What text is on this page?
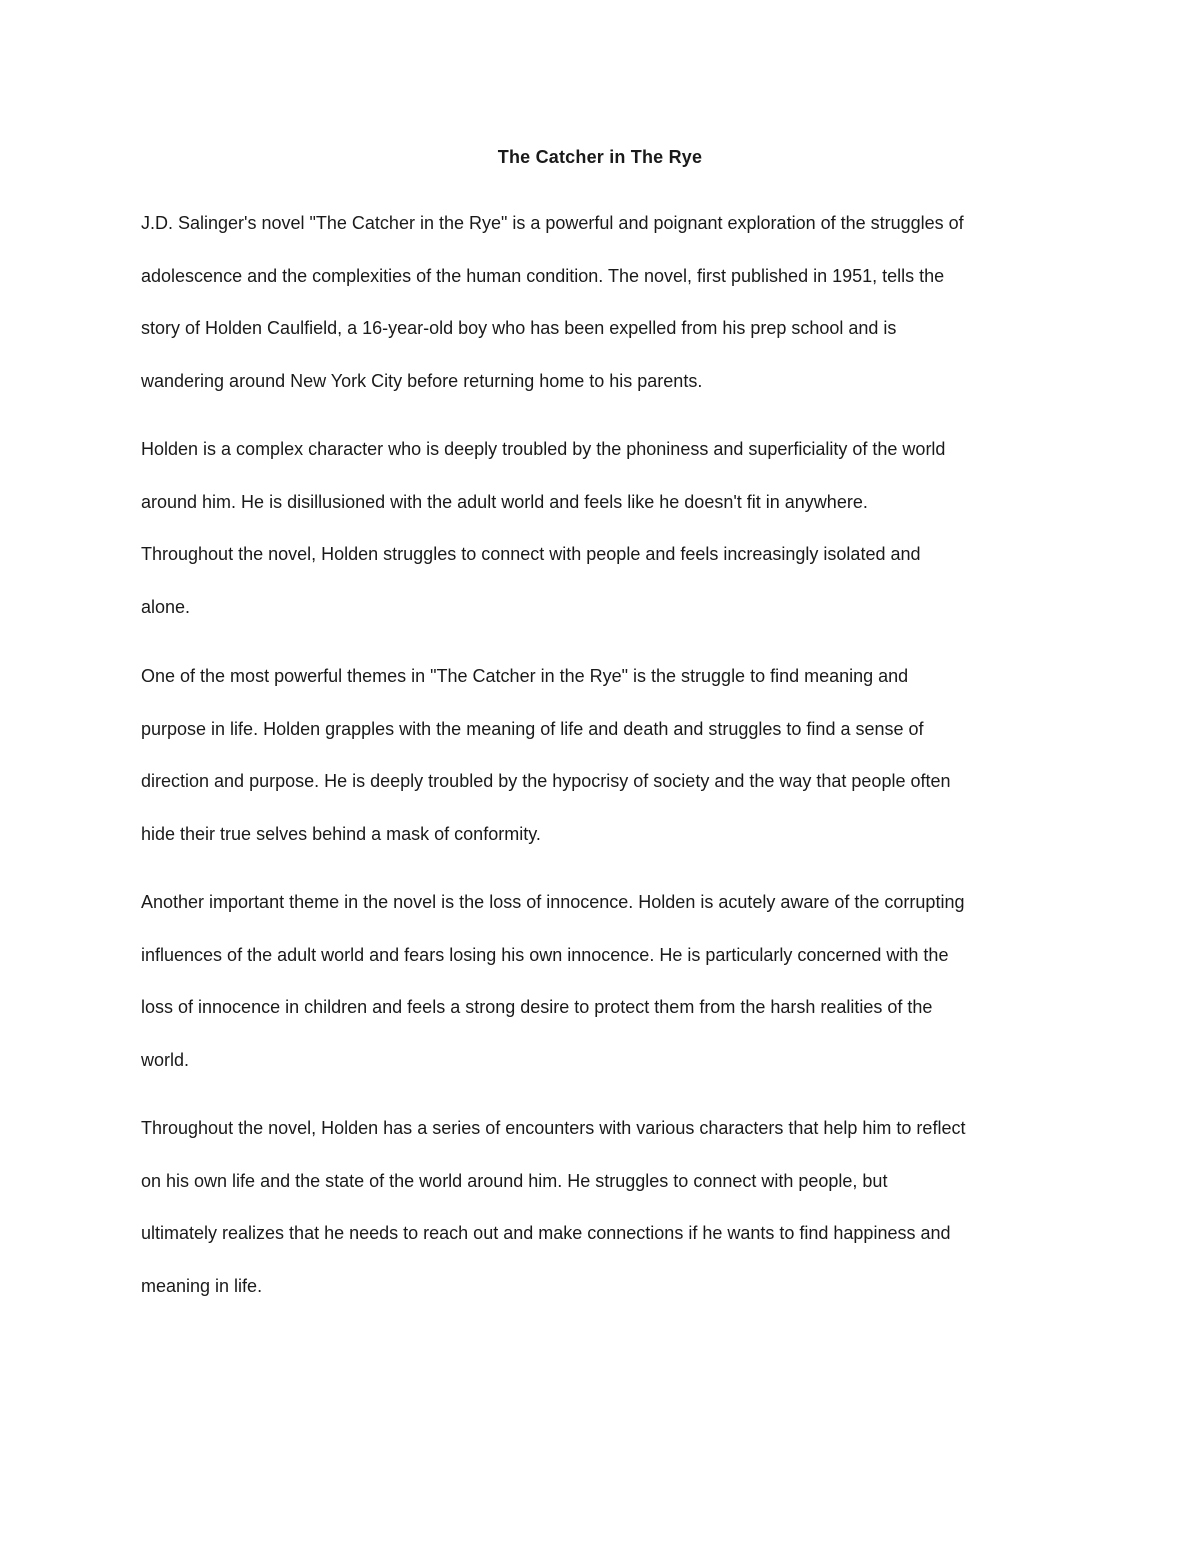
The Catcher in The Rye

J.D. Salinger's novel "The Catcher in the Rye" is a powerful and poignant exploration of the struggles of
adolescence and the complexities of the human condition. The novel, first published in 1951, tells the
story of Holden Caulfield, a 16-year-old boy who has been expelled from his prep school and is
wandering around New York City before returning home to his parents.

Holden is a complex character who is deeply troubled by the phoniness and superficiality of the world
around him. He is disillusioned with the adult world and feels like he doesn't fit in anywhere.
Throughout the novel, Holden struggles to connect with people and feels increasingly isolated and
alone.

One of the most powerful themes in "The Catcher in the Rye" is the struggle to find meaning and
purpose in life. Holden grapples with the meaning of life and death and struggles to find a sense of
direction and purpose. He is deeply troubled by the hypocrisy of society and the way that people often
hide their true selves behind a mask of conformity.

Another important theme in the novel is the loss of innocence. Holden is acutely aware of the corrupting
influences of the adult world and fears losing his own innocence. He is particularly concerned with the
loss of innocence in children and feels a strong desire to protect them from the harsh realities of the
world.

Throughout the novel, Holden has a series of encounters with various characters that help him to reflect
on his own life and the state of the world around him. He struggles to connect with people, but
ultimately realizes that he needs to reach out and make connections if he wants to find happiness and
meaning in life.
